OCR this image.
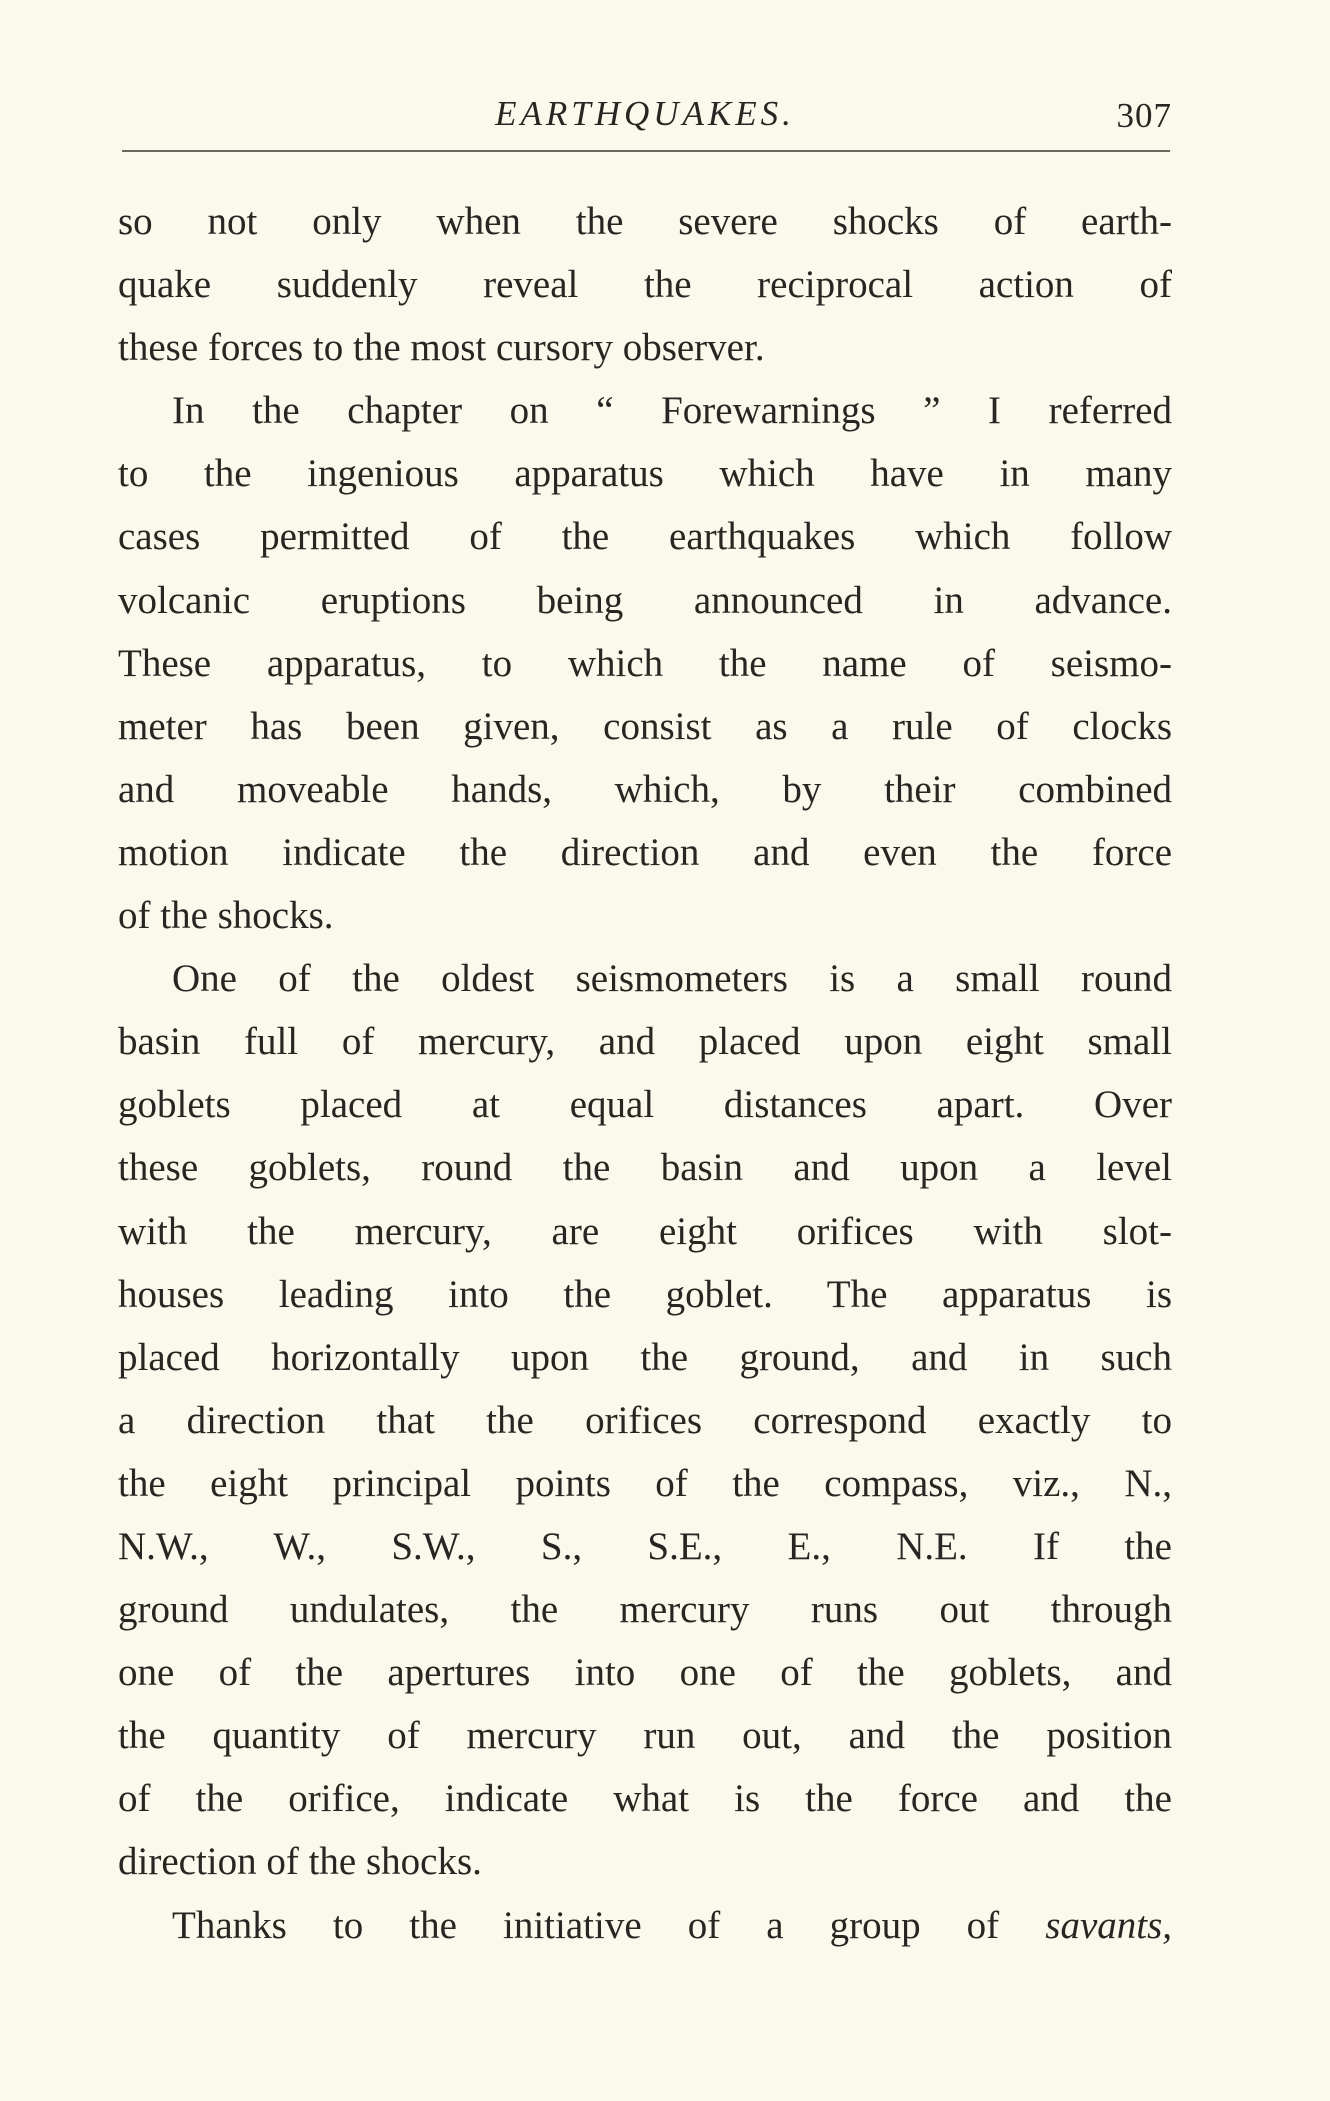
EARTHQUAKES.	307
so not only when the severe shocks of earth-
quake suddenly reveal the reciprocal action of
these forces to the most cursory observer.
In the chapter on “ Forewarnings ” I referred
to the ingenious apparatus which have in many
cases permitted of the earthquakes which follow
volcanic eruptions being announced in advance.
These apparatus, to which the name of seismo-
meter has been given, consist as a rule of clocks
and moveable hands, which, by their combined
motion indicate the direction and even the force
of the shocks.
One of the oldest seismometers is a small round
basin full of mercury, and placed upon eight small
goblets placed at equal distances apart. Over
these goblets, round the basin and upon a level
with the mercury, are eight orifices with slot-
houses leading into the goblet. The apparatus is
placed horizontally upon the ground, and in such
a direction that the orifices correspond exactly to
the eight principal points of the compass, viz., N.,
N.W., W., S.W., S., S.E., E., N.E. If the
ground undulates, the mercury runs out through
one of the apertures into one of the goblets, and
the quantity of mercury run out, and the position
of the orifice, indicate what is the force and the
direction of the shocks.
Thanks to the initiative of a group of savants,
